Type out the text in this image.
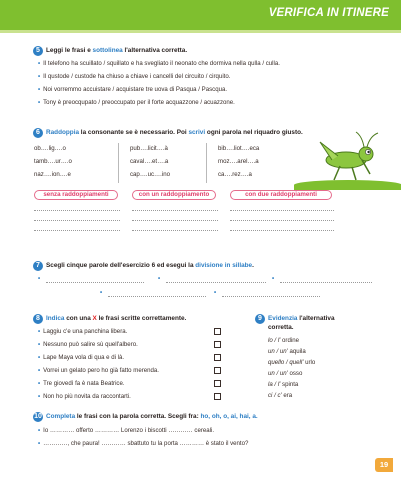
VERIFICA IN ITINERE
5 Leggi le frasi e sottolinea l'alternativa corretta.
• Il telefono ha scuillato / squillato e ha svegliato il neonato che dormiva nella qulla / culla.
• Il qustode / custode ha chiuso a chiave i cancelli del circuito / cirquito.
• Noi vorremmo accuistare / acquistare tre uova di Pasqua / Pascqua.
• Tony è preocqupato / preoccupato per il forte acquazzone / acuazzone.
6 Raddoppia la consonante se è necessario. Poi scrivi ogni parola nel riquadro giusto.
ob….lig….o	pub….licit….à	bib….liot….eca
tamb….ur….o	caval….et….a	moz….arel….a
naz….ion….e	cap….uc….ino	ca….rez….a
senza raddoppiamenti	con un raddoppiamento	con due raddoppiamenti
7 Scegli cinque parole dell'esercizio 6 ed esegui la divisione in sillabe.
•	•	•
•	•
8 Indica con una X le frasi scritte correttamente.
• Laggiu c'e una panchina libera.
• Nessuno può salire sù quell'albero.
• Lape Maya vola di qua e di là.
• Vorrei un gelato pero ho già fatto merenda.
• Tre giovedì fa è nata Beatrice.
• Non ho più novita da raccontarti.
9 Evidenzia l'alternativa
corretta.
lo / l' ordine
un / un' aquila
quello / quell' urlo
un / un' osso
la / l' spinta
ci / c' era
10 Completa le frasi con la parola corretta. Scegli fra: ho, oh, o, ai, hai, a.
• Io ………… offerto ………… Lorenzo i biscotti ………… cereali.
• …………, che paura! ………… sbattuto tu la porta ………… è stato il vento?
19
